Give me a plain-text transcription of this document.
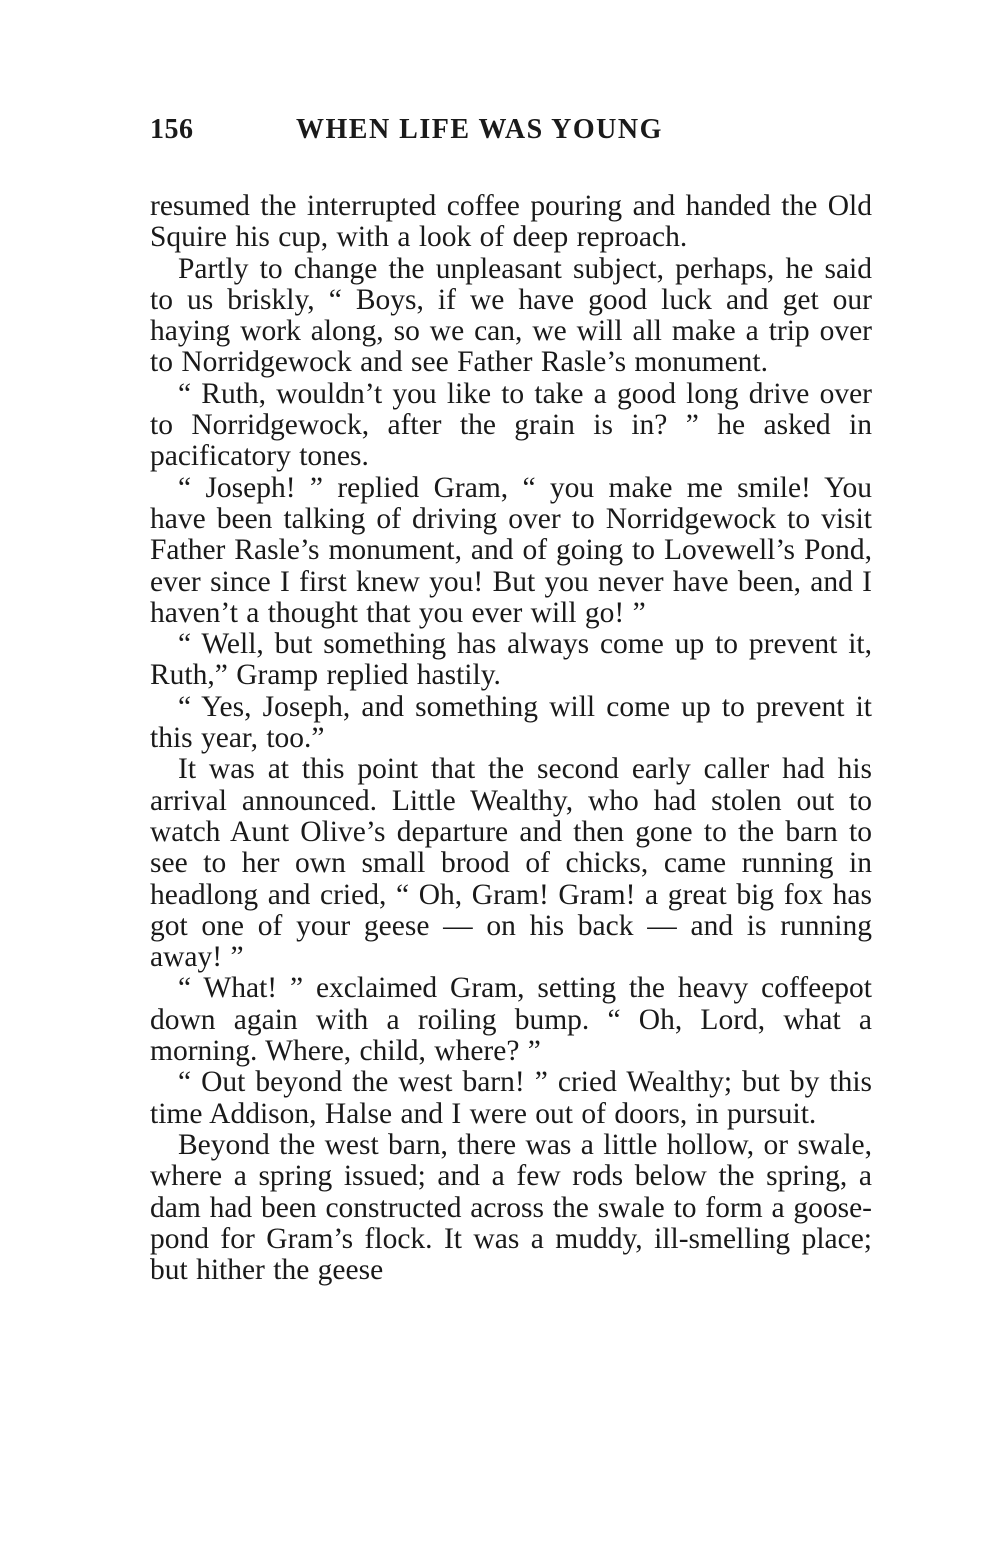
156	WHEN LIFE WAS YOUNG

resumed the interrupted coffee pouring and handed the Old Squire his cup, with a look of deep reproach.

Partly to change the unpleasant subject, perhaps, he said to us briskly, “ Boys, if we have good luck and get our haying work along, so we can, we will all make a trip over to Norridgewock and see Father Rasle’s monument.

“ Ruth, wouldn’t you like to take a good long drive over to Norridgewock, after the grain is in? ” he asked in pacificatory tones.

“ Joseph! ” replied Gram, “ you make me smile! You have been talking of driving over to Norridgewock to visit Father Rasle’s monument, and of going to Lovewell’s Pond, ever since I first knew you! But you never have been, and I haven’t a thought that you ever will go! ”

“ Well, but something has always come up to prevent it, Ruth,” Gramp replied hastily.

“ Yes, Joseph, and something will come up to prevent it this year, too.”

It was at this point that the second early caller had his arrival announced. Little Wealthy, who had stolen out to watch Aunt Olive’s departure and then gone to the barn to see to her own small brood of chicks, came running in headlong and cried, “ Oh, Gram! Gram! a great big fox has got one of your geese — on his back — and is running away! ”

“ What! ” exclaimed Gram, setting the heavy coffeepot down again with a roiling bump. “ Oh, Lord, what a morning. Where, child, where? ”

“ Out beyond the west barn! ” cried Wealthy; but by this time Addison, Halse and I were out of doors, in pursuit.

Beyond the west barn, there was a little hollow, or swale, where a spring issued; and a few rods below the spring, a dam had been constructed across the swale to form a goose-pond for Gram’s flock. It was a muddy, ill-smelling place; but hither the geese
